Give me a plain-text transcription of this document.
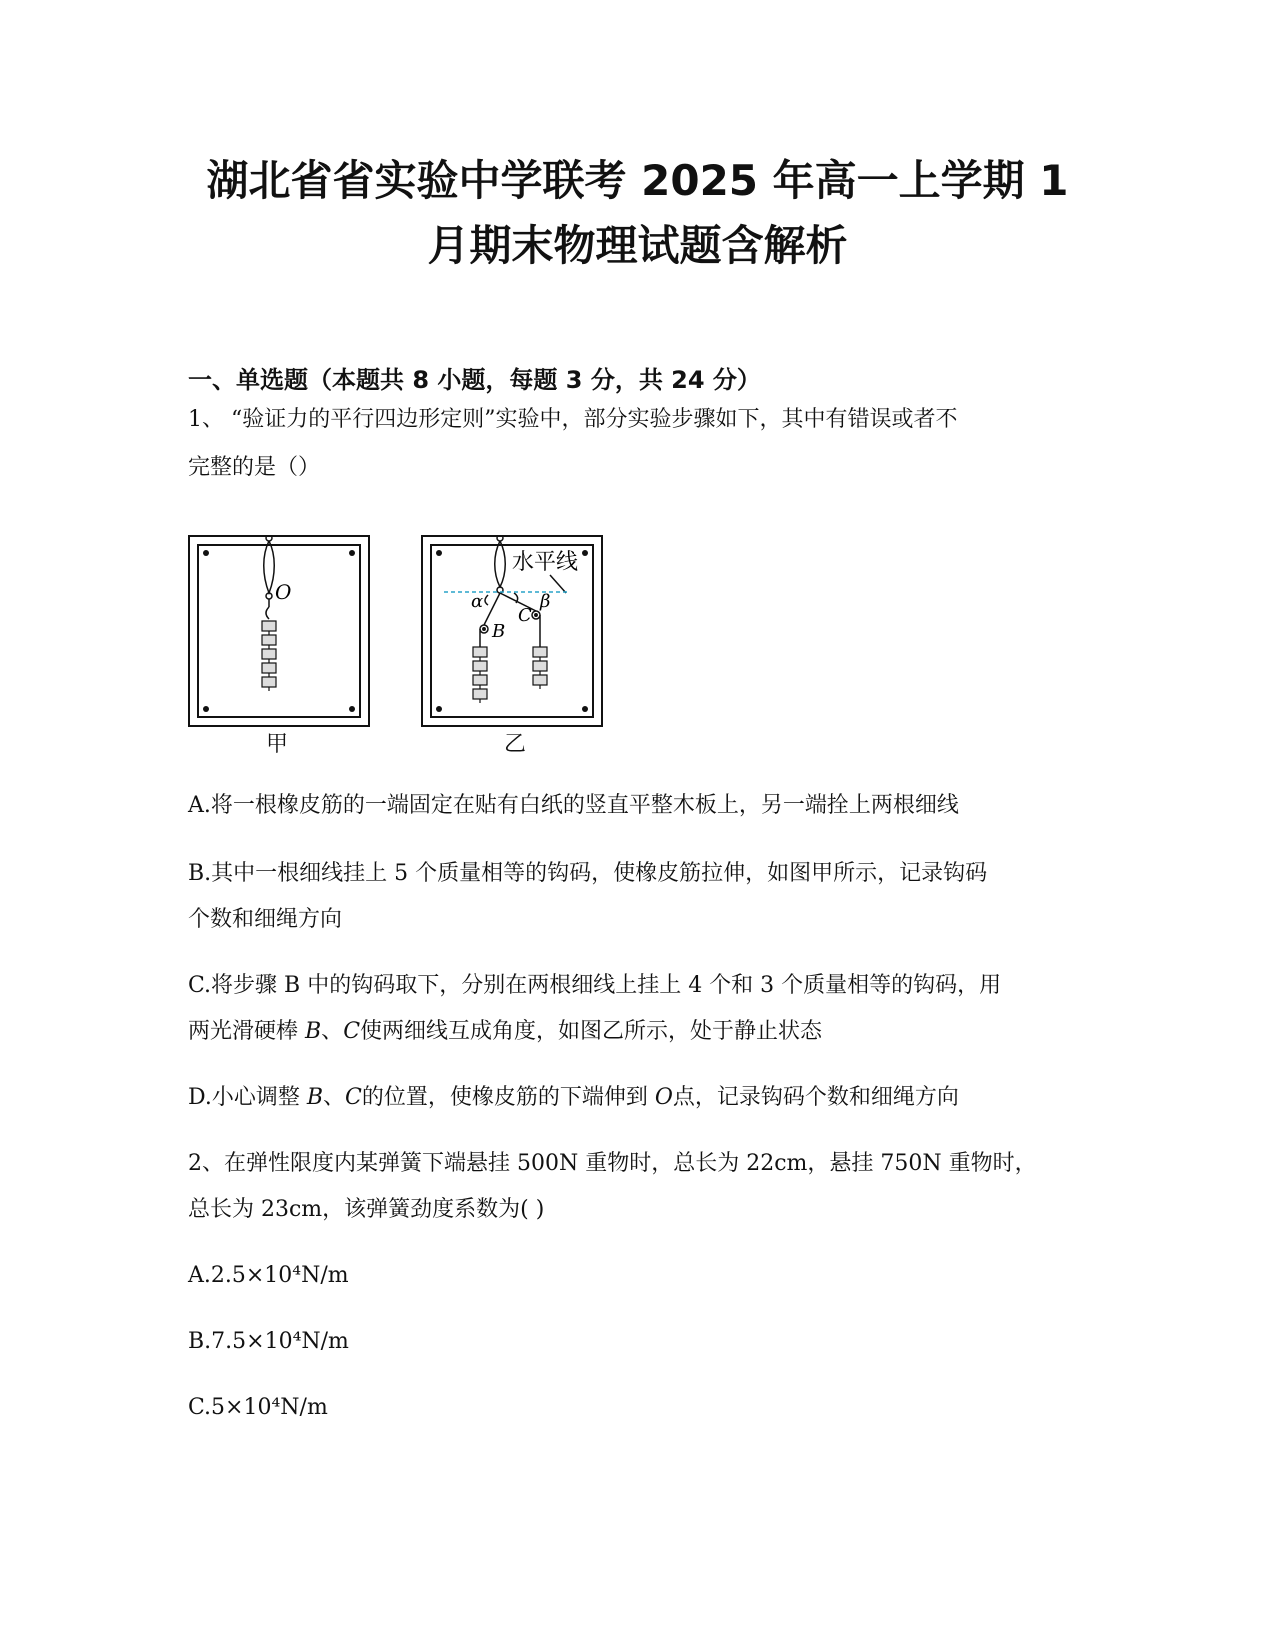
湖北省省实验中学联考 2025 年高一上学期 1
月期末物理试题含解析
一、单选题（本题共 8 小题，每题 3 分，共 24 分）

1、 “验证力的平行四边形定则”实验中，部分实验步骤如下，其中有错误或者不

完整的是（）

O
水平线
α	β
B
C
甲	乙

A.将一根橡皮筋的一端固定在贴有白纸的竖直平整木板上，另一端拴上两根细线

B.其中一根细线挂上 5 个质量相等的钩码，使橡皮筋拉伸，如图甲所示，记录钩码

个数和细绳方向

C.将步骤 B 中的钩码取下，分别在两根细线上挂上 4 个和 3 个质量相等的钩码，用

两光滑硬棒 B、C使两细线互成角度，如图乙所示，处于静止状态

D.小心调整 B、C的位置，使橡皮筋的下端伸到 O点，记录钩码个数和细绳方向

2、在弹性限度内某弹簧下端悬挂 500N 重物时，总长为 22cm，悬挂 750N 重物时，

总长为 23cm，该弹簧劲度系数为( )

A.2.5×10⁴N/m

B.7.5×10⁴N/m

C.5×10⁴N/m
